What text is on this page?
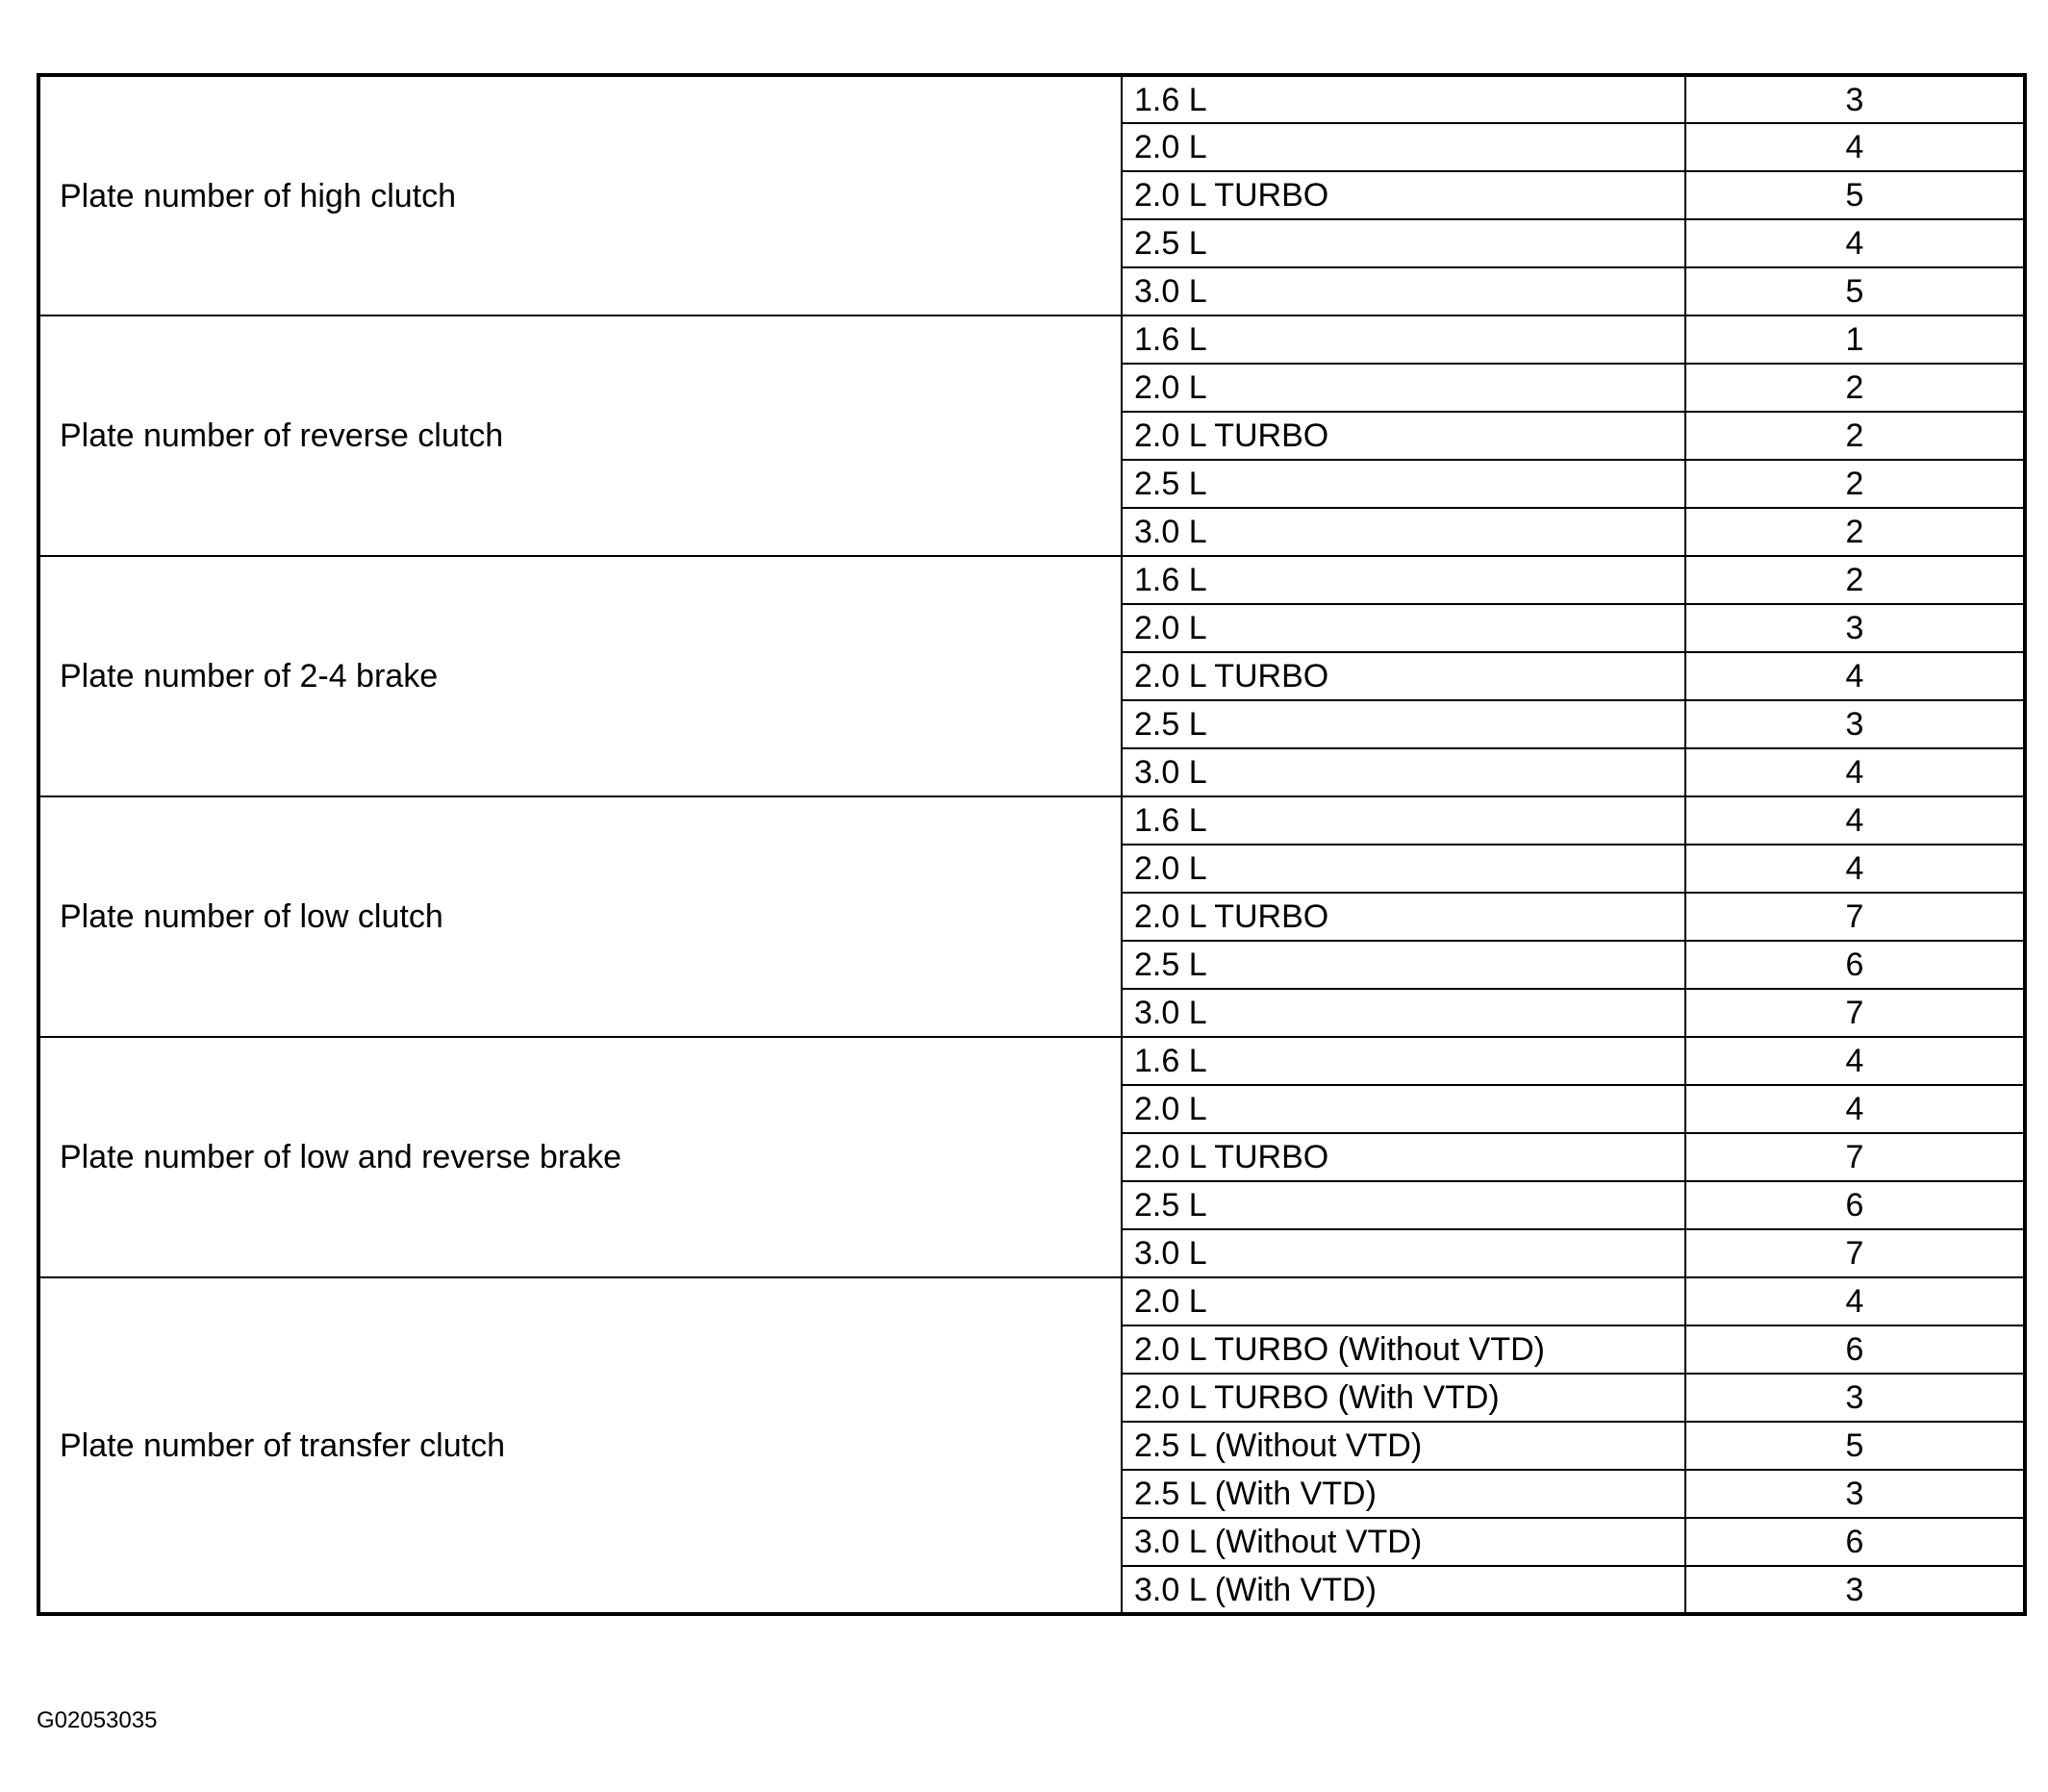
Plate number of high clutch	1.6 L	3
	2.0 L	4
	2.0 L TURBO	5
	2.5 L	4
	3.0 L	5
Plate number of reverse clutch	1.6 L	1
	2.0 L	2
	2.0 L TURBO	2
	2.5 L	2
	3.0 L	2
Plate number of 2-4 brake	1.6 L	2
	2.0 L	3
	2.0 L TURBO	4
	2.5 L	3
	3.0 L	4
Plate number of low clutch	1.6 L	4
	2.0 L	4
	2.0 L TURBO	7
	2.5 L	6
	3.0 L	7
Plate number of low and reverse brake	1.6 L	4
	2.0 L	4
	2.0 L TURBO	7
	2.5 L	6
	3.0 L	7
Plate number of transfer clutch	2.0 L	4
	2.0 L TURBO (Without VTD)	6
	2.0 L TURBO (With VTD)	3
	2.5 L (Without VTD)	5
	2.5 L (With VTD)	3
	3.0 L (Without VTD)	6
	3.0 L (With VTD)	3
G02053035
